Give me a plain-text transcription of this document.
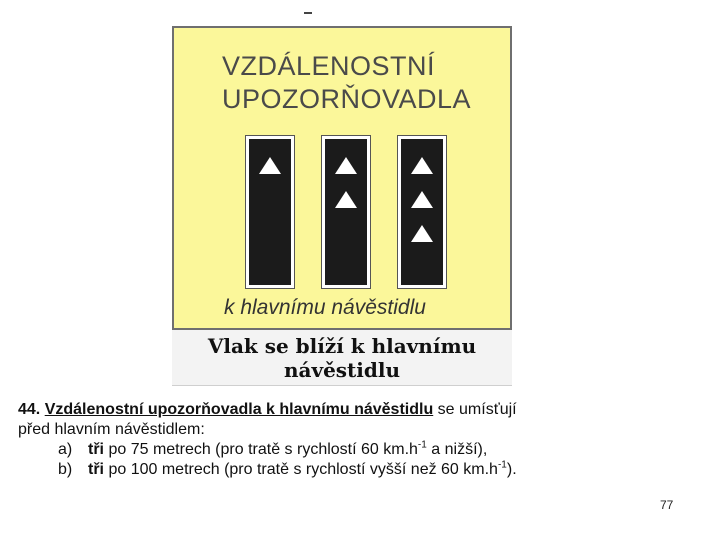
VZDÁLENOSTNÍ
UPOZORŇOVADLA
k hlavnímu návěstidlu
Vlak se blíží k hlavnímu
návěstidlu
44. Vzdálenostní upozorňovadla k hlavnímu návěstidlu se umísťují
před hlavním návěstidlem:
a) tři po 75 metrech (pro tratě s rychlostí 60 $km.h^{-1}$ a nižší),
b) tři po 100 metrech (pro tratě s rychlostí vyšší než 60 $km.h^{-1}$).
77
